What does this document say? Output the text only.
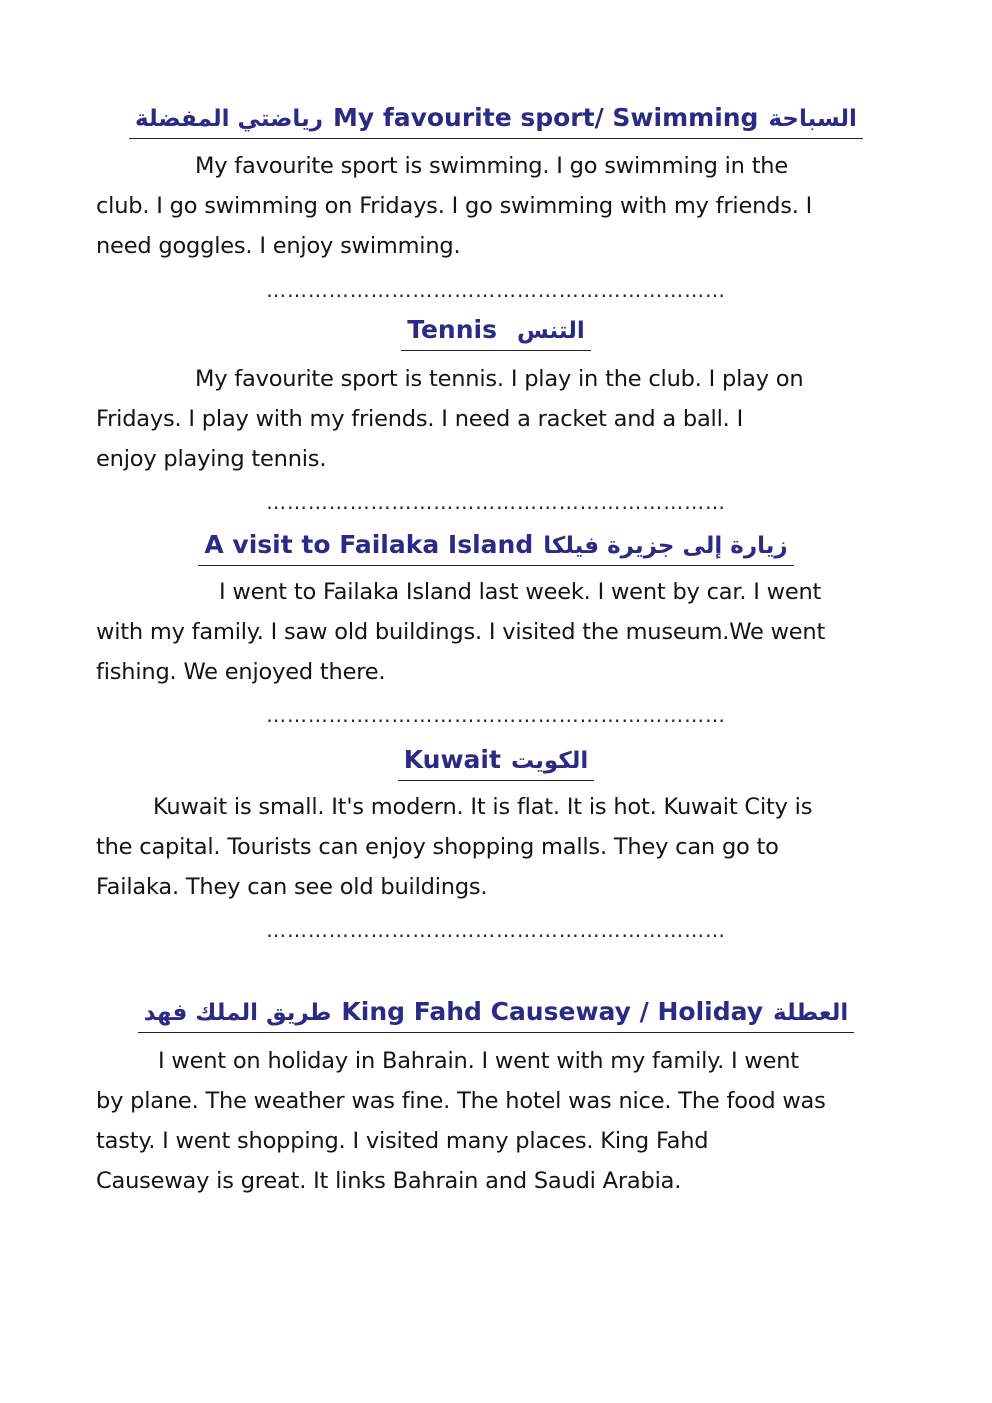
رياضتي المفضلة My favourite sport/ Swimming السباحة
My favourite sport is swimming. I go swimming in the
club. I go swimming on Fridays. I go swimming with my friends. I
need goggles. I enjoy swimming.
…………………………………………………………
Tennis التنس
My favourite sport is tennis. I play in the club. I play on
Fridays. I play with my friends. I need a racket and a ball. I
enjoy playing tennis.
…………………………………………………………
A visit to Failaka Island زيارة إلى جزيرة فيلكا
I went to Failaka Island last week. I went by car. I went
with my family. I saw old buildings. I visited the museum.We went
fishing. We enjoyed there.
…………………………………………………………
Kuwait الكويت
Kuwait is small. It's modern. It is flat. It is hot. Kuwait City is
the capital. Tourists can enjoy shopping malls. They can go to
Failaka. They can see old buildings.
…………………………………………………………
طريق الملك فهد King Fahd Causeway / Holiday العطلة
I went on holiday in Bahrain. I went with my family. I went
by plane. The weather was fine. The hotel was nice. The food was
tasty. I went shopping. I visited many places. King Fahd
Causeway is great. It links Bahrain and Saudi Arabia.
